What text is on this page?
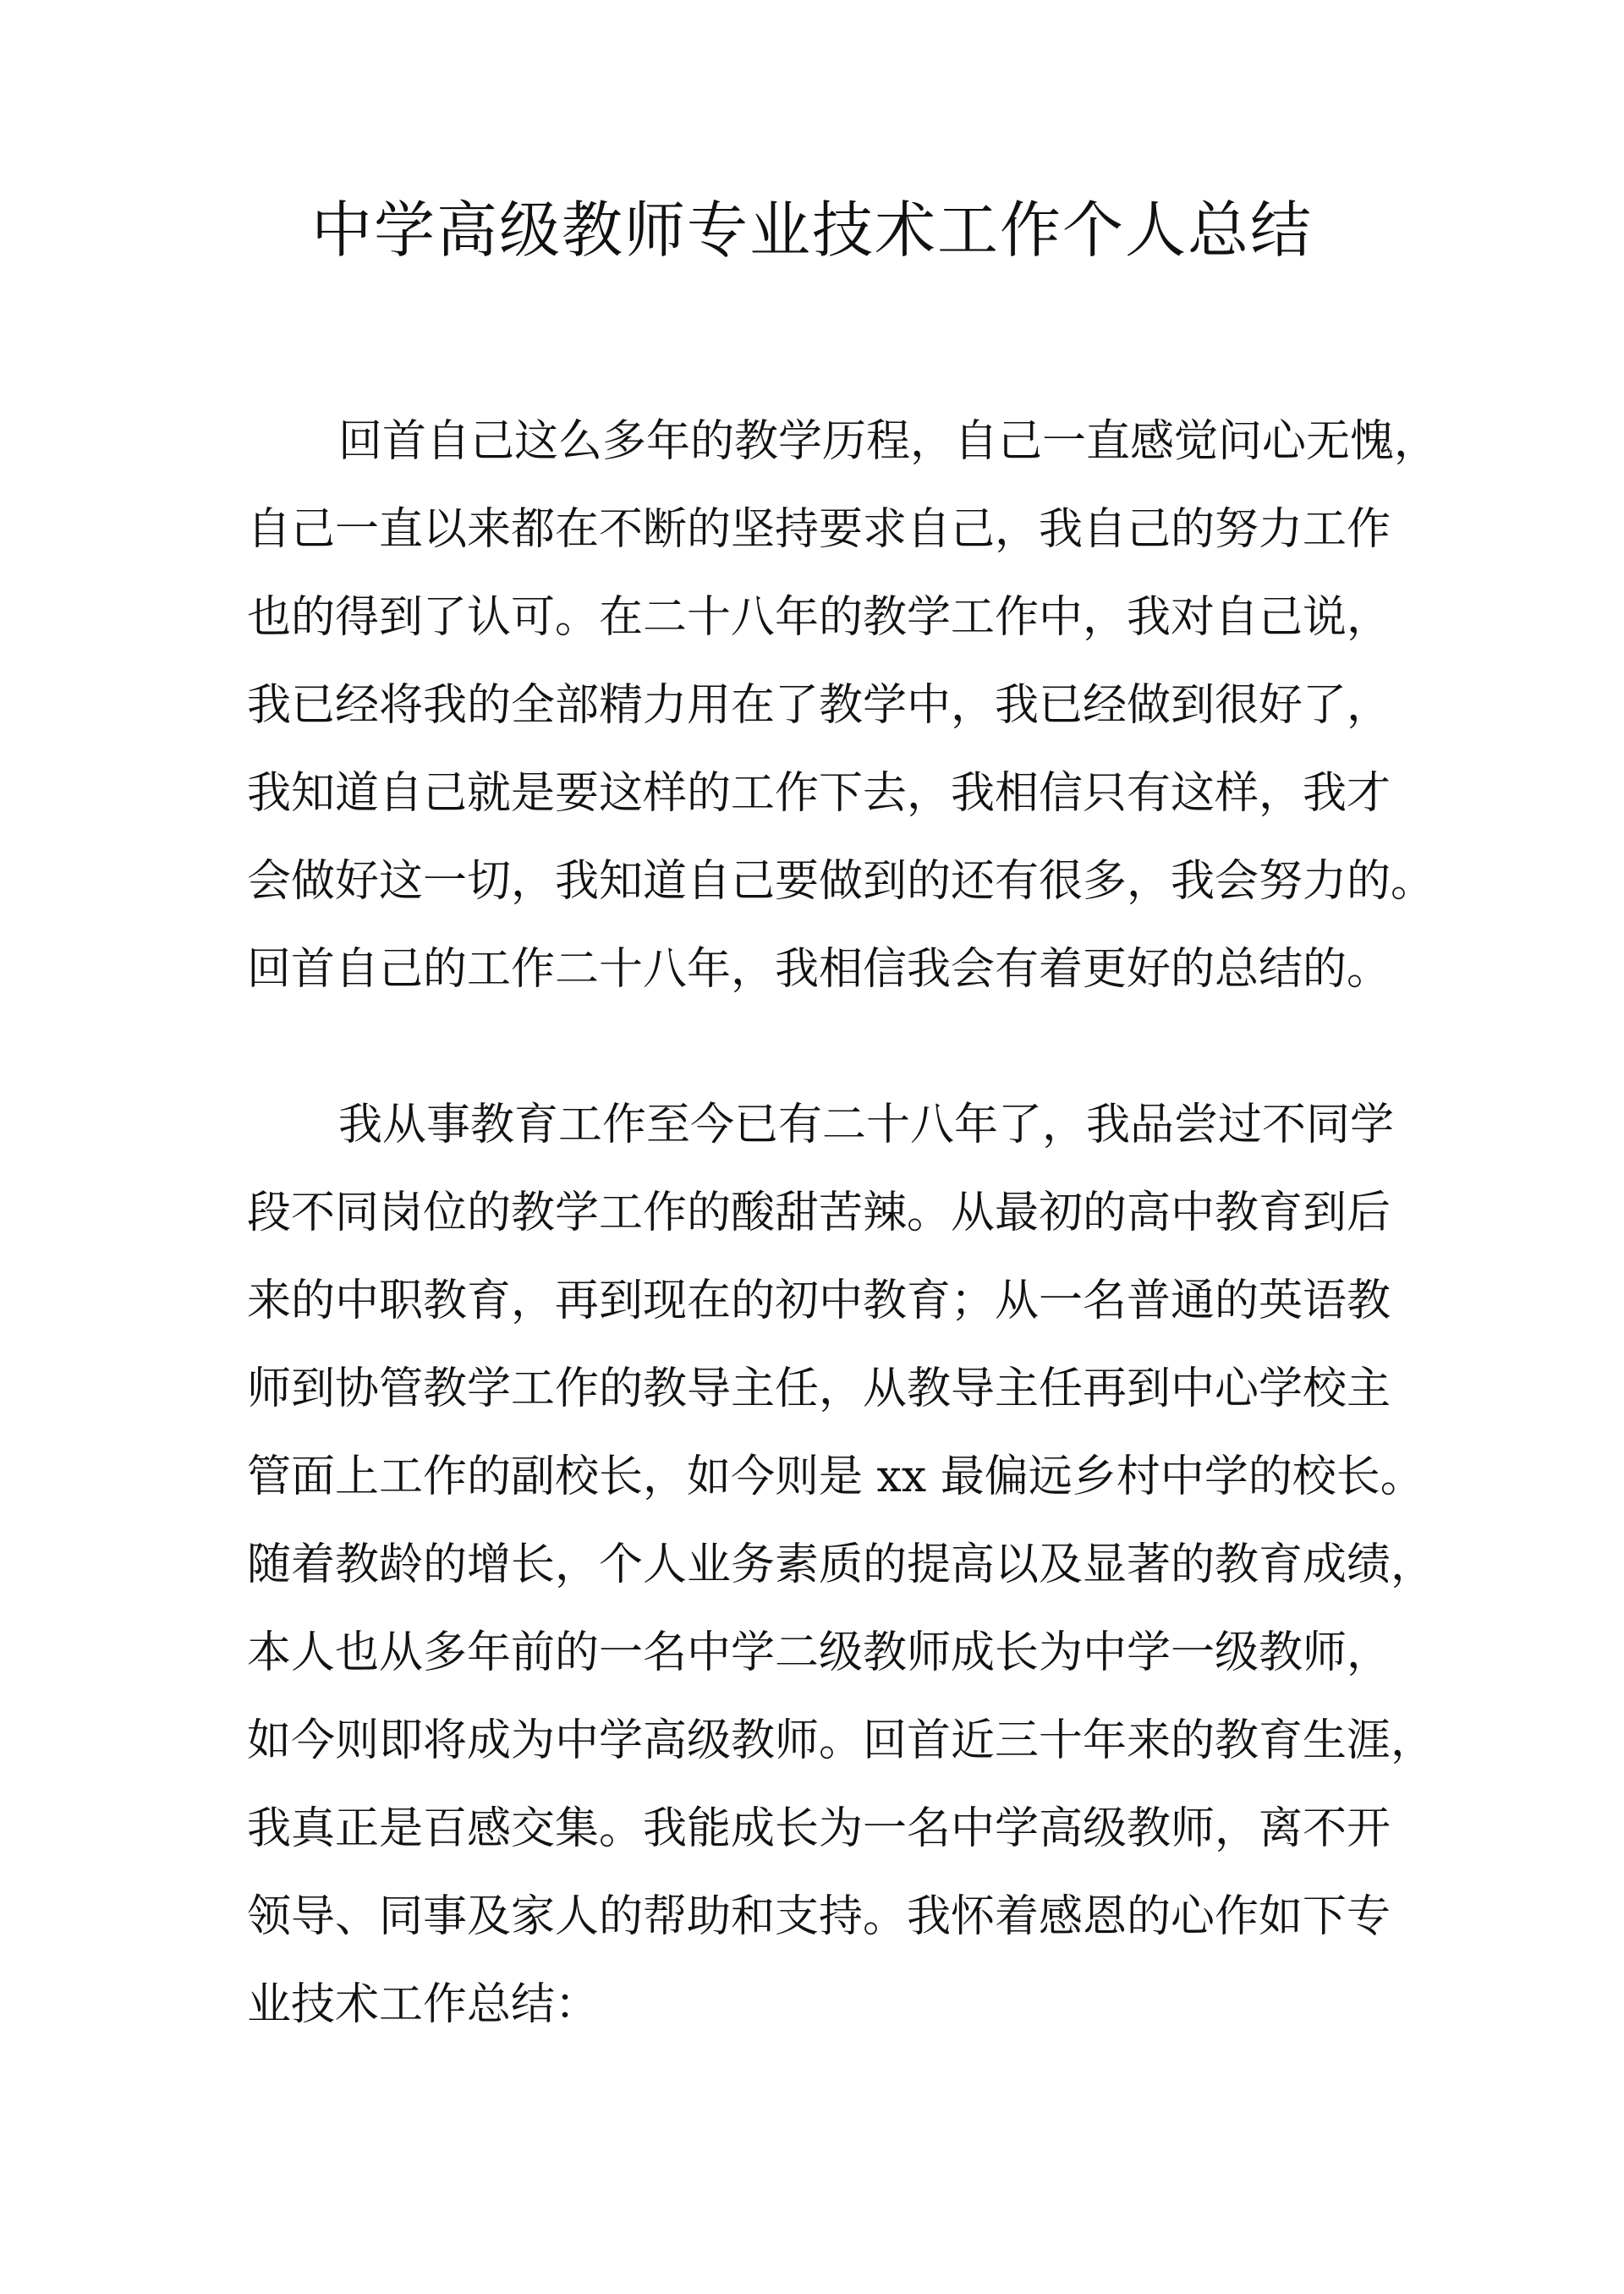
中学高级教师专业技术工作个人总结
回首自己这么多年的教学历程，自己一直感觉问心无愧，
自己一直以来都在不断的坚持要求自己，我自己的努力工作
也的得到了认可。在二十八年的教学工作中，我对自己说，
我已经将我的全部精力用在了教学中，我已经做到很好了，
我知道自己就是要这样的工作下去，我相信只有这样，我才
会做好这一切，我知道自己要做到的还有很多，我会努力的。
回首自己的工作二十八年，我相信我会有着更好的总结的。
我从事教育工作至今已有二十八年了，我品尝过不同学
段不同岗位的教学工作的酸甜苦辣。从最初的高中教育到后
来的中职教育，再到现在的初中教育；从一名普通的英语教
师到协管教学工作的教导主任，从教导主任再到中心学校主
管面上工作的副校长，如今则是 xx 最偏远乡村中学的校长。
随着教龄的增长，个人业务素质的提高以及显著的教育成绩，
本人也从多年前的一名中学二级教师成长为中学一级教师，
如今则即将成为中学高级教师。回首近三十年来的教育生涯，
我真正是百感交集。我能成长为一名中学高级教师，离不开
领导、同事及家人的帮助和支持。我怀着感恩的心作如下专
业技术工作总结：
